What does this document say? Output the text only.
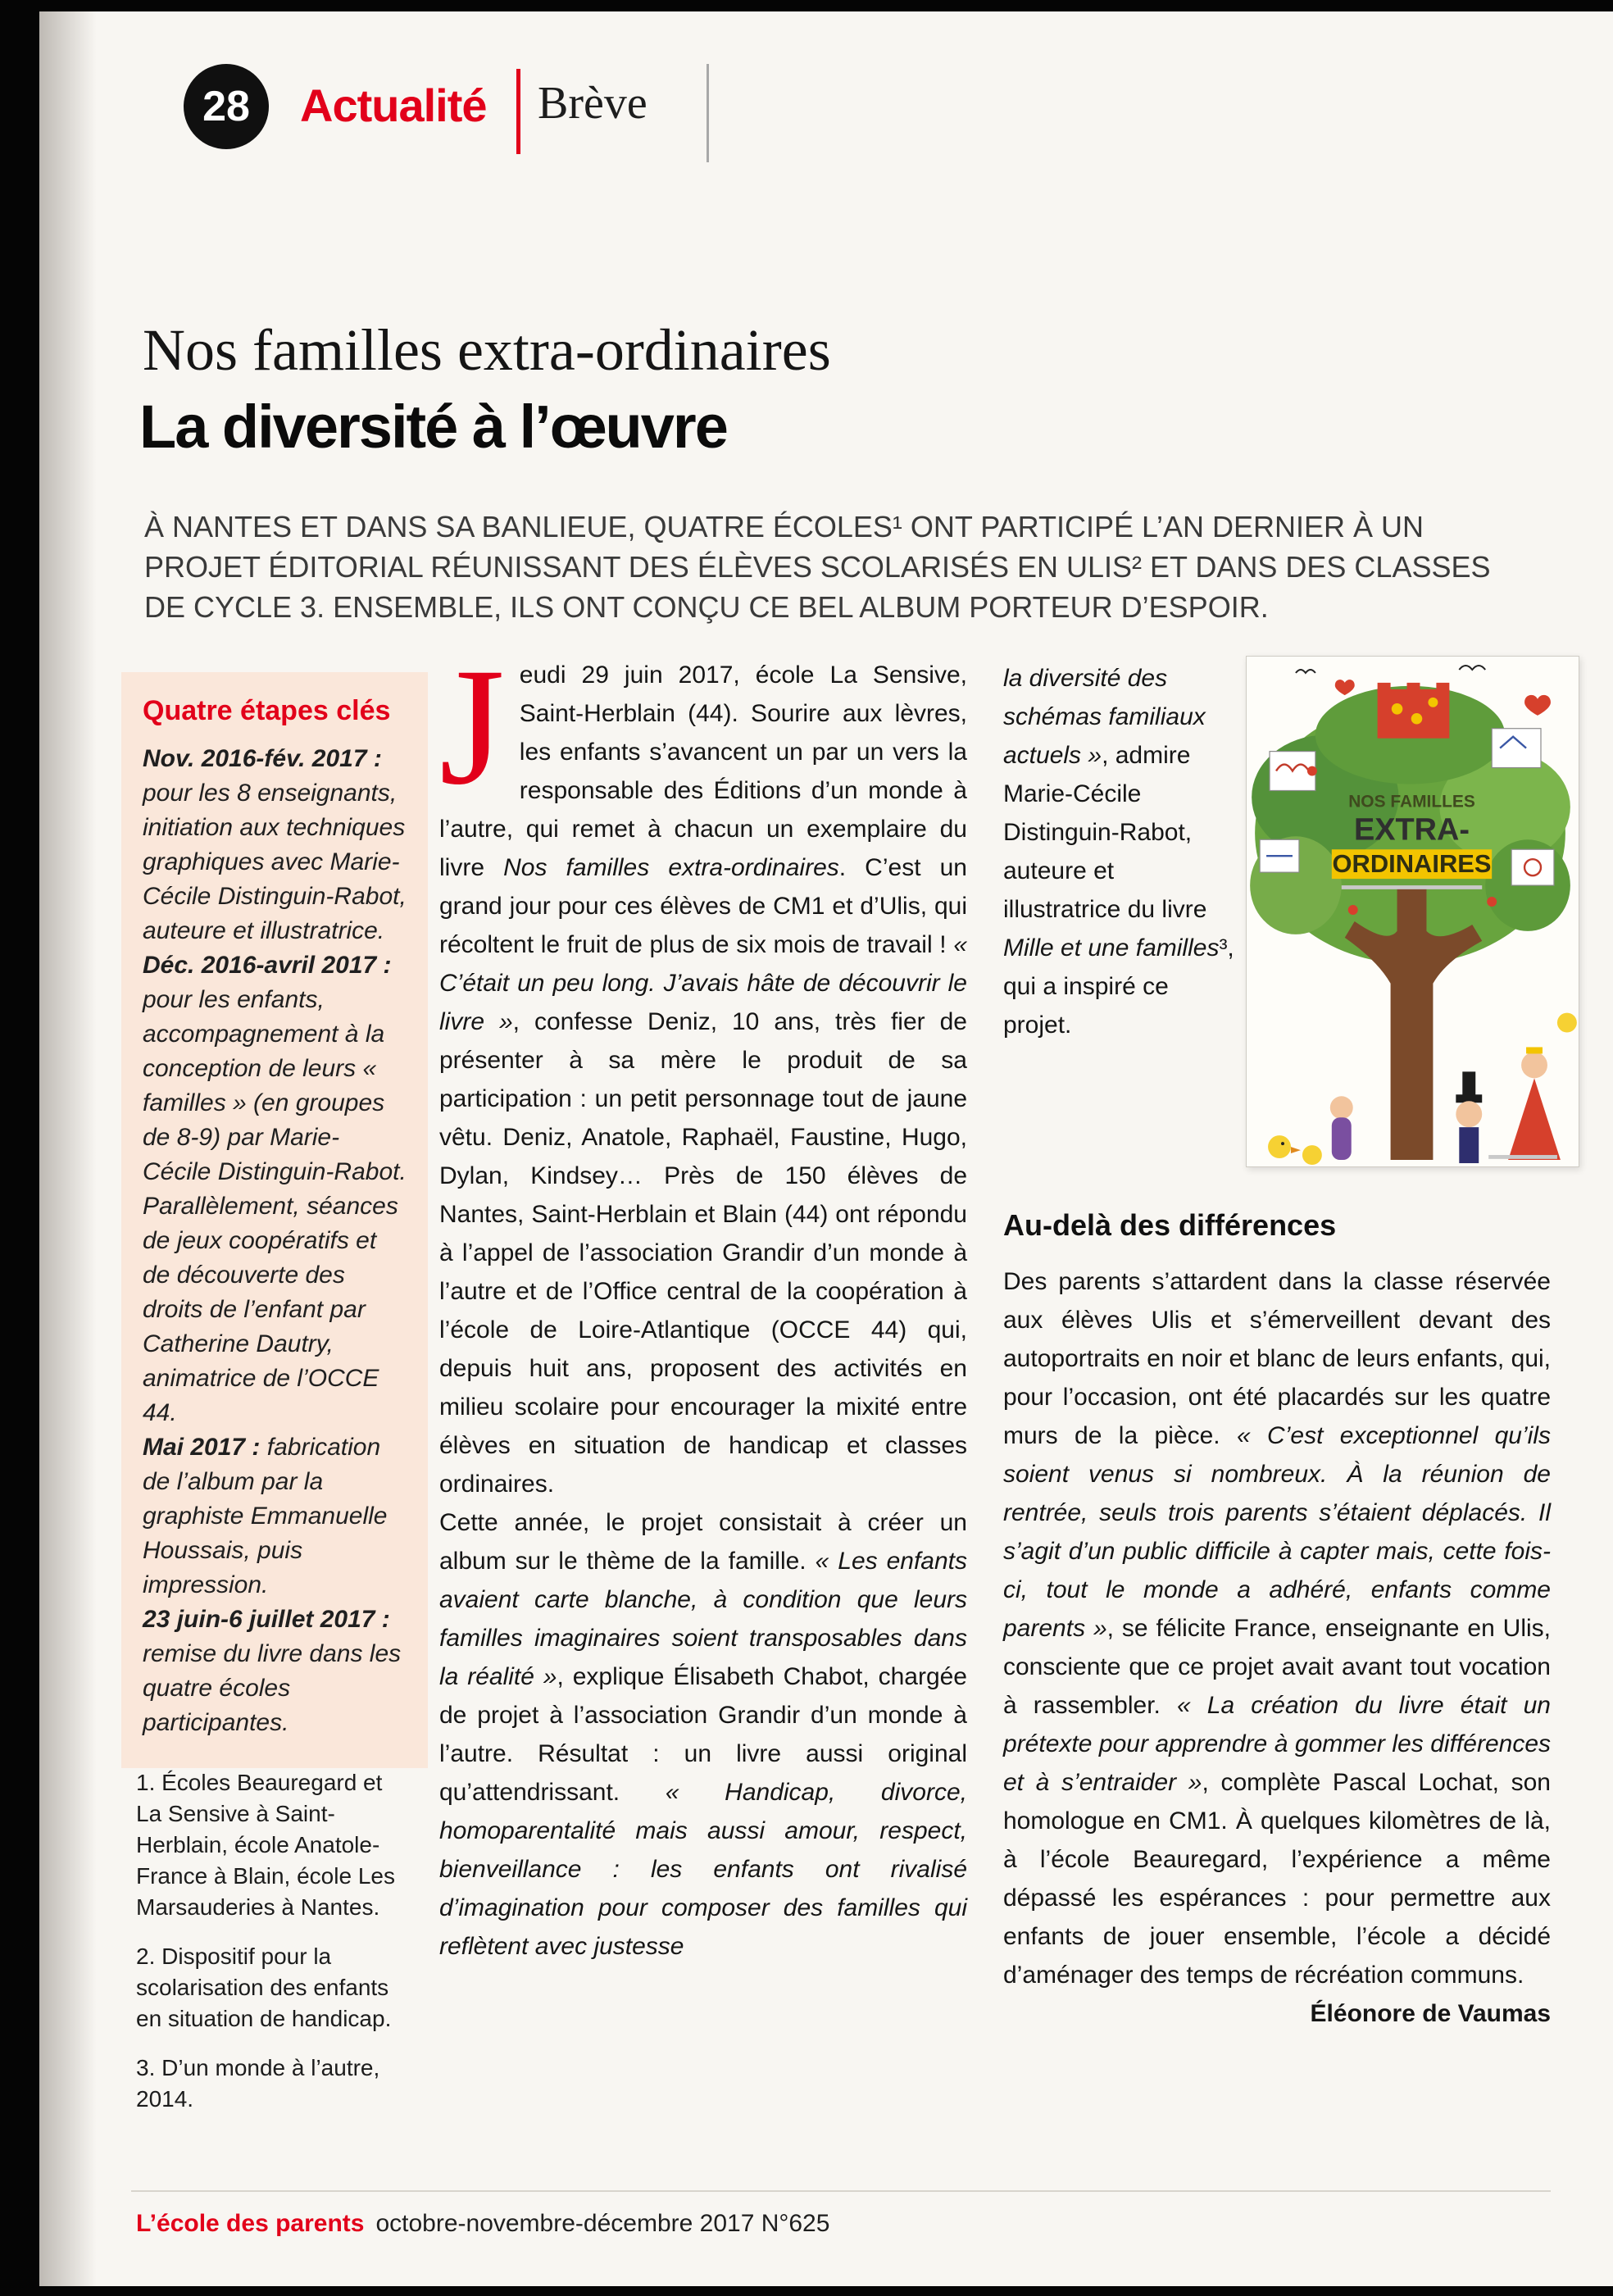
28 Actualité Brève
Nos familles extra-ordinaires
La diversité à l’œuvre
À NANTES ET DANS SA BANLIEUE, QUATRE ÉCOLES¹ ONT PARTICIPÉ L’AN DERNIER À UN PROJET ÉDITORIAL RÉUNISSANT DES ÉLÈVES SCOLARISÉS EN ULIS² ET DANS DES CLASSES DE CYCLE 3. ENSEMBLE, ILS ONT CONÇU CE BEL ALBUM PORTEUR D’ESPOIR.

Quatre étapes clés

Nov. 2016-fév. 2017 : pour les 8 enseignants, initiation aux techniques graphiques avec Marie-Cécile Distinguin-Rabot, auteure et illustratrice.

Déc. 2016-avril 2017 : pour les enfants, accompagnement à la conception de leurs « familles » (en groupes de 8-9) par Marie-Cécile Distinguin-Rabot. Parallèlement, séances de jeux coopératifs et de découverte des droits de l’enfant par Catherine Dautry, animatrice de l’OCCE 44.

Mai 2017 : fabrication de l’album par la graphiste Emmanuelle Houssais, puis impression.

23 juin-6 juillet 2017 : remise du livre dans les quatre écoles participantes.

1. Écoles Beauregard et La Sensive à Saint-Herblain, école Anatole-France à Blain, école Les Marsauderies à Nantes.

2. Dispositif pour la scolarisation des enfants en situation de handicap.

3. D’un monde à l’autre, 2014.

Jeudi 29 juin 2017, école La Sensive, Saint-Herblain (44). Sourire aux lèvres, les enfants s’avancent un par un vers la responsable des Éditions d’un monde à l’autre, qui remet à chacun un exemplaire du livre Nos familles extra-ordinaires. C’est un grand jour pour ces élèves de CM1 et d’Ulis, qui récoltent le fruit de plus de six mois de travail ! « C’était un peu long. J’avais hâte de découvrir le livre », confesse Deniz, 10 ans, très fier de présenter à sa mère le produit de sa participation : un petit personnage tout de jaune vêtu. Deniz, Anatole, Raphaël, Faustine, Hugo, Dylan, Kindsey… Près de 150 élèves de Nantes, Saint-Herblain et Blain (44) ont répondu à l’appel de l’association Grandir d’un monde à l’autre et de l’Office central de la coopération à l’école de Loire-Atlantique (OCCE 44) qui, depuis huit ans, proposent des activités en milieu scolaire pour encourager la mixité entre élèves en situation de handicap et classes ordinaires.

Cette année, le projet consistait à créer un album sur le thème de la famille. « Les enfants avaient carte blanche, à condition que leurs familles imaginaires soient transposables dans la réalité », explique Élisabeth Chabot, chargée de projet à l’association Grandir d’un monde à l’autre. Résultat : un livre aussi original qu’attendrissant. « Handicap, divorce, homoparentalité mais aussi amour, respect, bienveillance : les enfants ont rivalisé d’imagination pour composer des familles qui reflètent avec justesse

la diversité des schémas familiaux actuels », admire Marie-Cécile Distinguin-Rabot, auteure et illustratrice du livre Mille et une familles³, qui a inspiré ce projet.
NOS FAMILLES
EXTRA-
ORDINAIRES
Au-delà des différences

Des parents s’attardent dans la classe réservée aux élèves Ulis et s’émerveillent devant des autoportraits en noir et blanc de leurs enfants, qui, pour l’occasion, ont été placardés sur les quatre murs de la pièce. « C’est exceptionnel qu’ils soient venus si nombreux. À la réunion de rentrée, seuls trois parents s’étaient déplacés. Il s’agit d’un public difficile à capter mais, cette fois-ci, tout le monde a adhéré, enfants comme parents », se félicite France, enseignante en Ulis, consciente que ce projet avait avant tout vocation à rassembler. « La création du livre était un prétexte pour apprendre à gommer les différences et à s’entraider », complète Pascal Lochat, son homologue en CM1. À quelques kilomètres de là, à l’école Beauregard, l’expérience a même dépassé les espérances : pour permettre aux enfants de jouer ensemble, l’école a décidé d’aménager des temps de récréation communs.

Éléonore de Vaumas

L’école des parents octobre-novembre-décembre 2017 N°625
